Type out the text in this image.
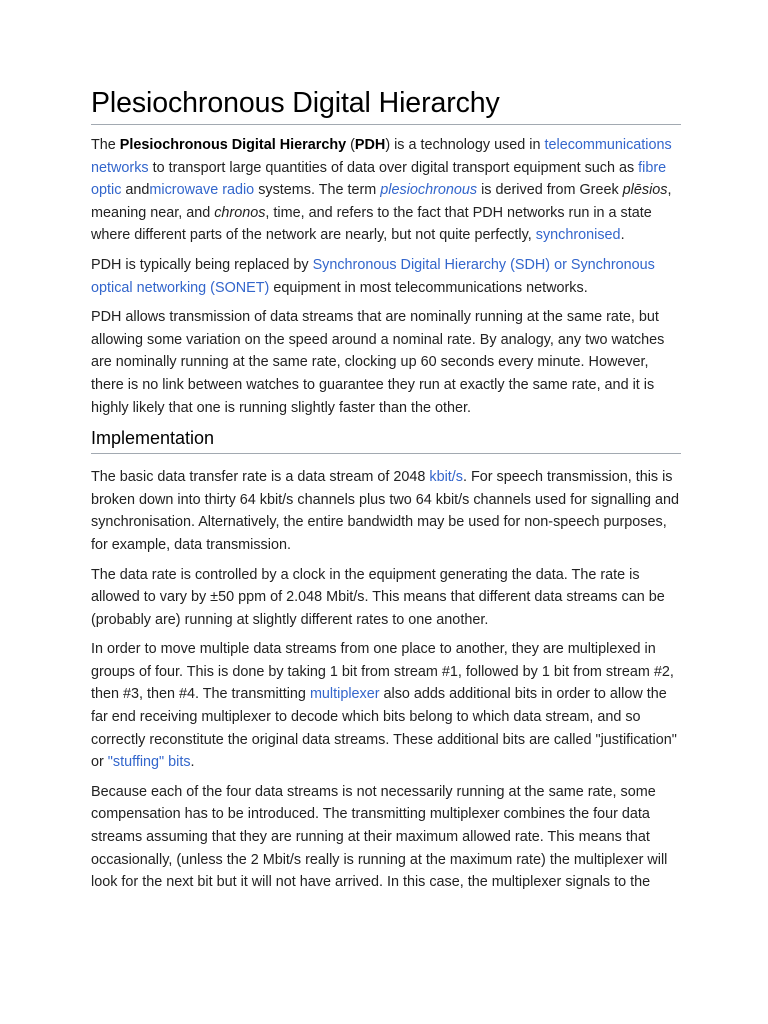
Plesiochronous Digital Hierarchy

The Plesiochronous Digital Hierarchy (PDH) is a technology used in telecommunications networks to transport large quantities of data over digital transport equipment such as fibre optic andmicrowave radio systems. The term plesiochronous is derived from Greek plēsios, meaning near, and chronos, time, and refers to the fact that PDH networks run in a state where different parts of the network are nearly, but not quite perfectly, synchronised.

PDH is typically being replaced by Synchronous Digital Hierarchy (SDH) or Synchronous optical networking (SONET) equipment in most telecommunications networks.

PDH allows transmission of data streams that are nominally running at the same rate, but allowing some variation on the speed around a nominal rate. By analogy, any two watches are nominally running at the same rate, clocking up 60 seconds every minute. However, there is no link between watches to guarantee they run at exactly the same rate, and it is highly likely that one is running slightly faster than the other.

Implementation

The basic data transfer rate is a data stream of 2048 kbit/s. For speech transmission, this is broken down into thirty 64 kbit/s channels plus two 64 kbit/s channels used for signalling and synchronisation. Alternatively, the entire bandwidth may be used for non-speech purposes, for example, data transmission.

The data rate is controlled by a clock in the equipment generating the data. The rate is allowed to vary by ±50 ppm of 2.048 Mbit/s. This means that different data streams can be (probably are) running at slightly different rates to one another.

In order to move multiple data streams from one place to another, they are multiplexed in groups of four. This is done by taking 1 bit from stream #1, followed by 1 bit from stream #2, then #3, then #4. The transmitting multiplexer also adds additional bits in order to allow the far end receiving multiplexer to decode which bits belong to which data stream, and so correctly reconstitute the original data streams. These additional bits are called "justification" or "stuffing" bits.

Because each of the four data streams is not necessarily running at the same rate, some compensation has to be introduced. The transmitting multiplexer combines the four data streams assuming that they are running at their maximum allowed rate. This means that occasionally, (unless the 2 Mbit/s really is running at the maximum rate) the multiplexer will look for the next bit but it will not have arrived. In this case, the multiplexer signals to the
